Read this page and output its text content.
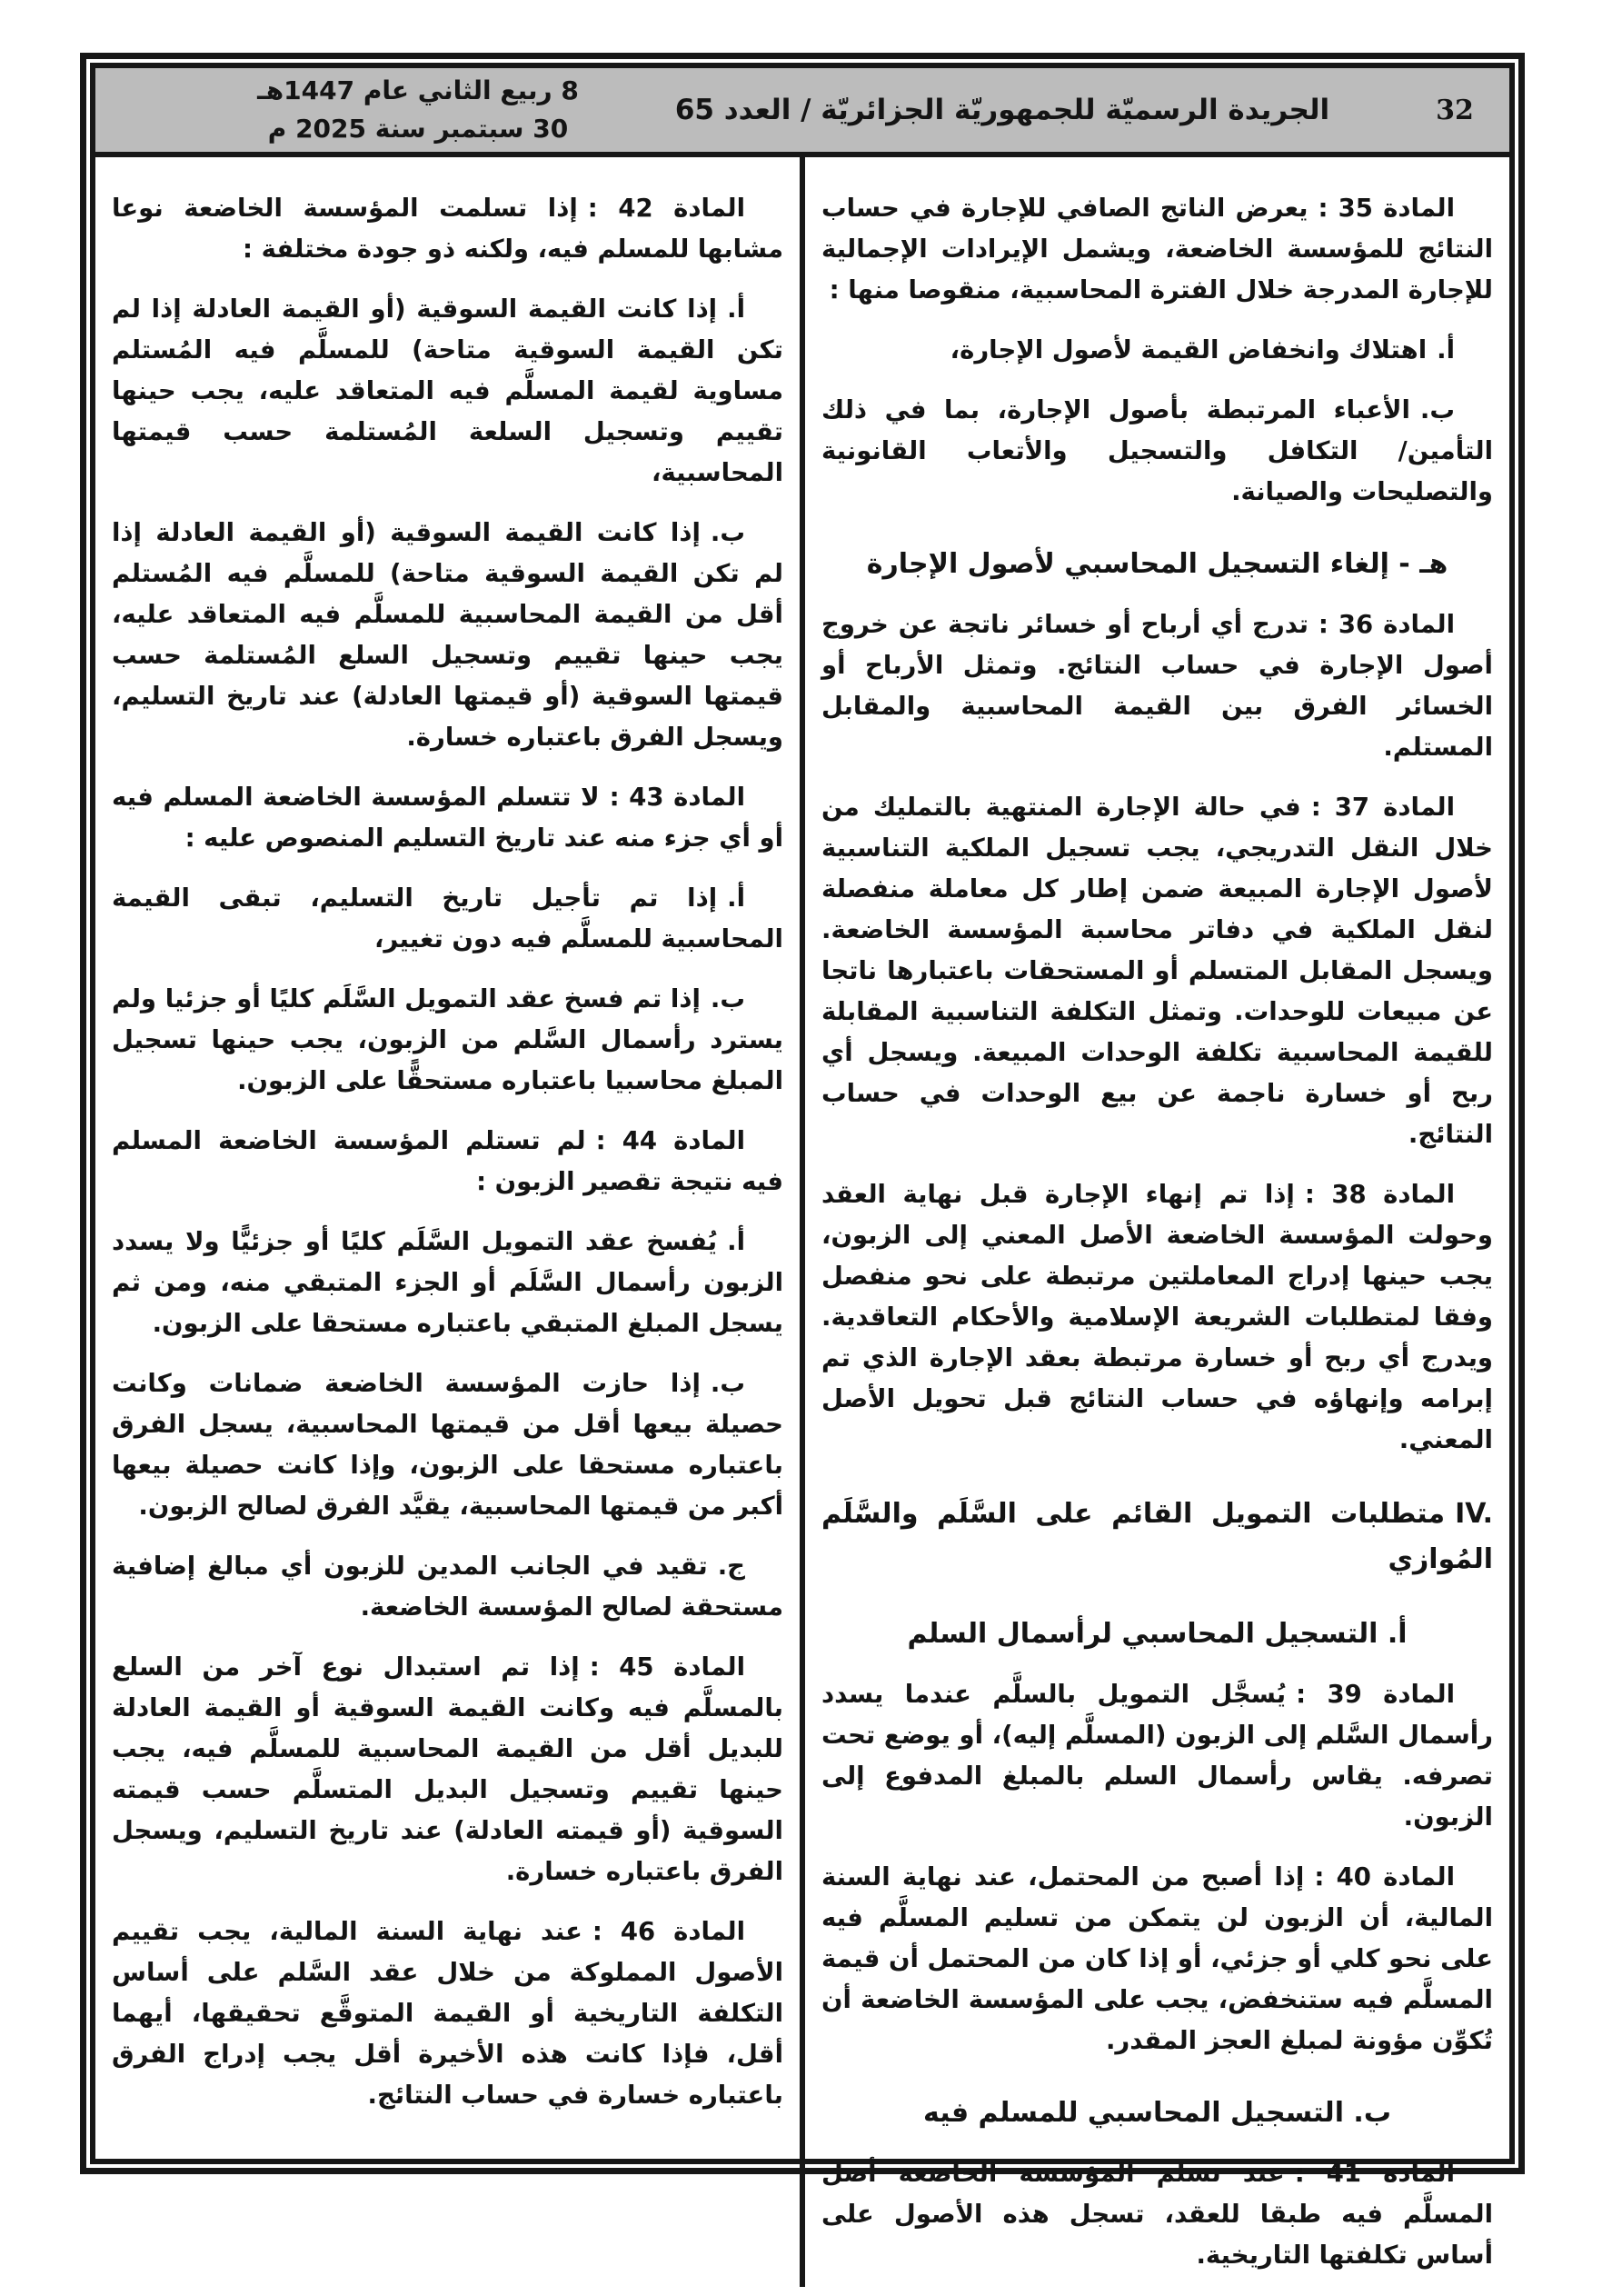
32
الجريدة الرسميّة للجمهوريّة الجزائريّة / العدد 65
8 ربيع الثاني عام 1447هـ
30 سبتمبر سنة 2025 م

المادة 35 :يعرض الناتج الصافي للإجارة في حساب النتائج للمؤسسة الخاضعة، ويشمل الإيرادات الإجمالية للإجارة المدرجة خلال الفترة المحاسبية، منقوصا منها :

أ.اهتلاك وانخفاض القيمة لأصول الإجارة،

ب.الأعباء المرتبطة بأصول الإجارة، بما في ذلك التأمين/ التكافل والتسجيل والأتعاب القانونية والتصليحات والصيانة.

هـ - إلغاء التسجيل المحاسبي لأصول الإجارة

المادة 36 :تدرج أي أرباح أو خسائر ناتجة عن خروج أصول الإجارة في حساب النتائج. وتمثل الأرباح أو الخسائر الفرق بين القيمة المحاسبية والمقابل المستلم.

المادة 37 :في حالة الإجارة المنتهية بالتمليك من خلال النقل التدريجي، يجب تسجيل الملكية التناسبية لأصول الإجارة المبيعة ضمن إطار كل معاملة منفصلة لنقل الملكية في دفاتر محاسبة المؤسسة الخاضعة. ويسجل المقابل المتسلم أو المستحقات باعتبارها ناتجا عن مبيعات للوحدات. وتمثل التكلفة التناسبية المقابلة للقيمة المحاسبية تكلفة الوحدات المبيعة. ويسجل أي ربح أو خسارة ناجمة عن بيع الوحدات في حساب النتائج.

المادة 38 :إذا تم إنهاء الإجارة قبل نهاية العقد وحولت المؤسسة الخاضعة الأصل المعني إلى الزبون، يجب حينها إدراج المعاملتين مرتبطة على نحو منفصل وفقا لمتطلبات الشريعة الإسلامية والأحكام التعاقدية. ويدرج أي ربح أو خسارة مرتبطة بعقد الإجارة الذي تم إبرامه وإنهاؤه في حساب النتائج قبل تحويل الأصل المعني.

IV.متطلبات التمويل القائم على السَّلَم والسَّلَم المُوازي
أ. التسجيل المحاسبي لرأسمال السلم

المادة 39 :يُسجَّل التمويل بالسلَّم عندما يسدد رأسمال السَّلم إلى الزبون (المسلَّم إليه)، أو يوضع تحت تصرفه. يقاس رأسمال السلم بالمبلغ المدفوع إلى الزبون.

المادة 40 :إذا أصبح من المحتمل، عند نهاية السنة المالية، أن الزبون لن يتمكن من تسليم المسلَّم فيه على نحو كلي أو جزئي، أو إذا كان من المحتمل أن قيمة المسلَّم فيه ستنخفض، يجب على المؤسسة الخاضعة أن تُكوِّن مؤونة لمبلغ العجز المقدر.

ب. التسجيل المحاسبي للمسلم فيه

المادة 41 :عند تسلم المؤسسة الخاضعة أصل المسلَّم فيه طبقا للعقد، تسجل هذه الأصول على أساس تكلفتها التاريخية.

المادة 42 :إذا تسلمت المؤسسة الخاضعة نوعا مشابها للمسلم فيه، ولكنه ذو جودة مختلفة :

أ.إذا كانت القيمة السوقية (أو القيمة العادلة إذا لم تكن القيمة السوقية متاحة) للمسلَّم فيه المُستلم مساوية لقيمة المسلَّم فيه المتعاقد عليه، يجب حينها تقييم وتسجيل السلعة المُستلمة حسب قيمتها المحاسبية،

ب.إذا كانت القيمة السوقية (أو القيمة العادلة إذا لم تكن القيمة السوقية متاحة) للمسلَّم فيه المُستلم أقل من القيمة المحاسبية للمسلَّم فيه المتعاقد عليه، يجب حينها تقييم وتسجيل السلع المُستلمة حسب قيمتها السوقية (أو قيمتها العادلة) عند تاريخ التسليم، ويسجل الفرق باعتباره خسارة.

المادة 43 :لا تتسلم المؤسسة الخاضعة المسلم فيه أو أي جزء منه عند تاريخ التسليم المنصوص عليه :

أ.إذا تم تأجيل تاريخ التسليم، تبقى القيمة المحاسبية للمسلَّم فيه دون تغيير،

ب.إذا تم فسخ عقد التمويل السَّلَم كليًا أو جزئيا ولم يسترد رأسمال السَّلم من الزبون، يجب حينها تسجيل المبلغ محاسبيا باعتباره مستحقًّا على الزبون.

المادة 44 :لم تستلم المؤسسة الخاضعة المسلم فيه نتيجة تقصير الزبون :

أ.يُفسخ عقد التمويل السَّلَم كليًا أو جزئيًّا ولا يسدد الزبون رأسمال السَّلَم أو الجزء المتبقي منه، ومن ثم يسجل المبلغ المتبقي باعتباره مستحقا على الزبون.

ب.إذا حازت المؤسسة الخاضعة ضمانات وكانت حصيلة بيعها أقل من قيمتها المحاسبية، يسجل الفرق باعتباره مستحقا على الزبون، وإذا كانت حصيلة بيعها أكبر من قيمتها المحاسبية، يقيَّد الفرق لصالح الزبون.

ج.تقيد في الجانب المدين للزبون أي مبالغ إضافية مستحقة لصالح المؤسسة الخاضعة.

المادة 45 :إذا تم استبدال نوع آخر من السلع بالمسلَّم فيه وكانت القيمة السوقية أو القيمة العادلة للبديل أقل من القيمة المحاسبية للمسلَّم فيه، يجب حينها تقييم وتسجيل البديل المتسلَّم حسب قيمته السوقية (أو قيمته العادلة) عند تاريخ التسليم، ويسجل الفرق باعتباره خسارة.

المادة 46 :عند نهاية السنة المالية، يجب تقييم الأصول المملوكة من خلال عقد السَّلم على أساس التكلفة التاريخية أو القيمة المتوقَّع تحقيقها، أيهما أقل، فإذا كانت هذه الأخيرة أقل يجب إدراج الفرق باعتباره خسارة في حساب النتائج.
